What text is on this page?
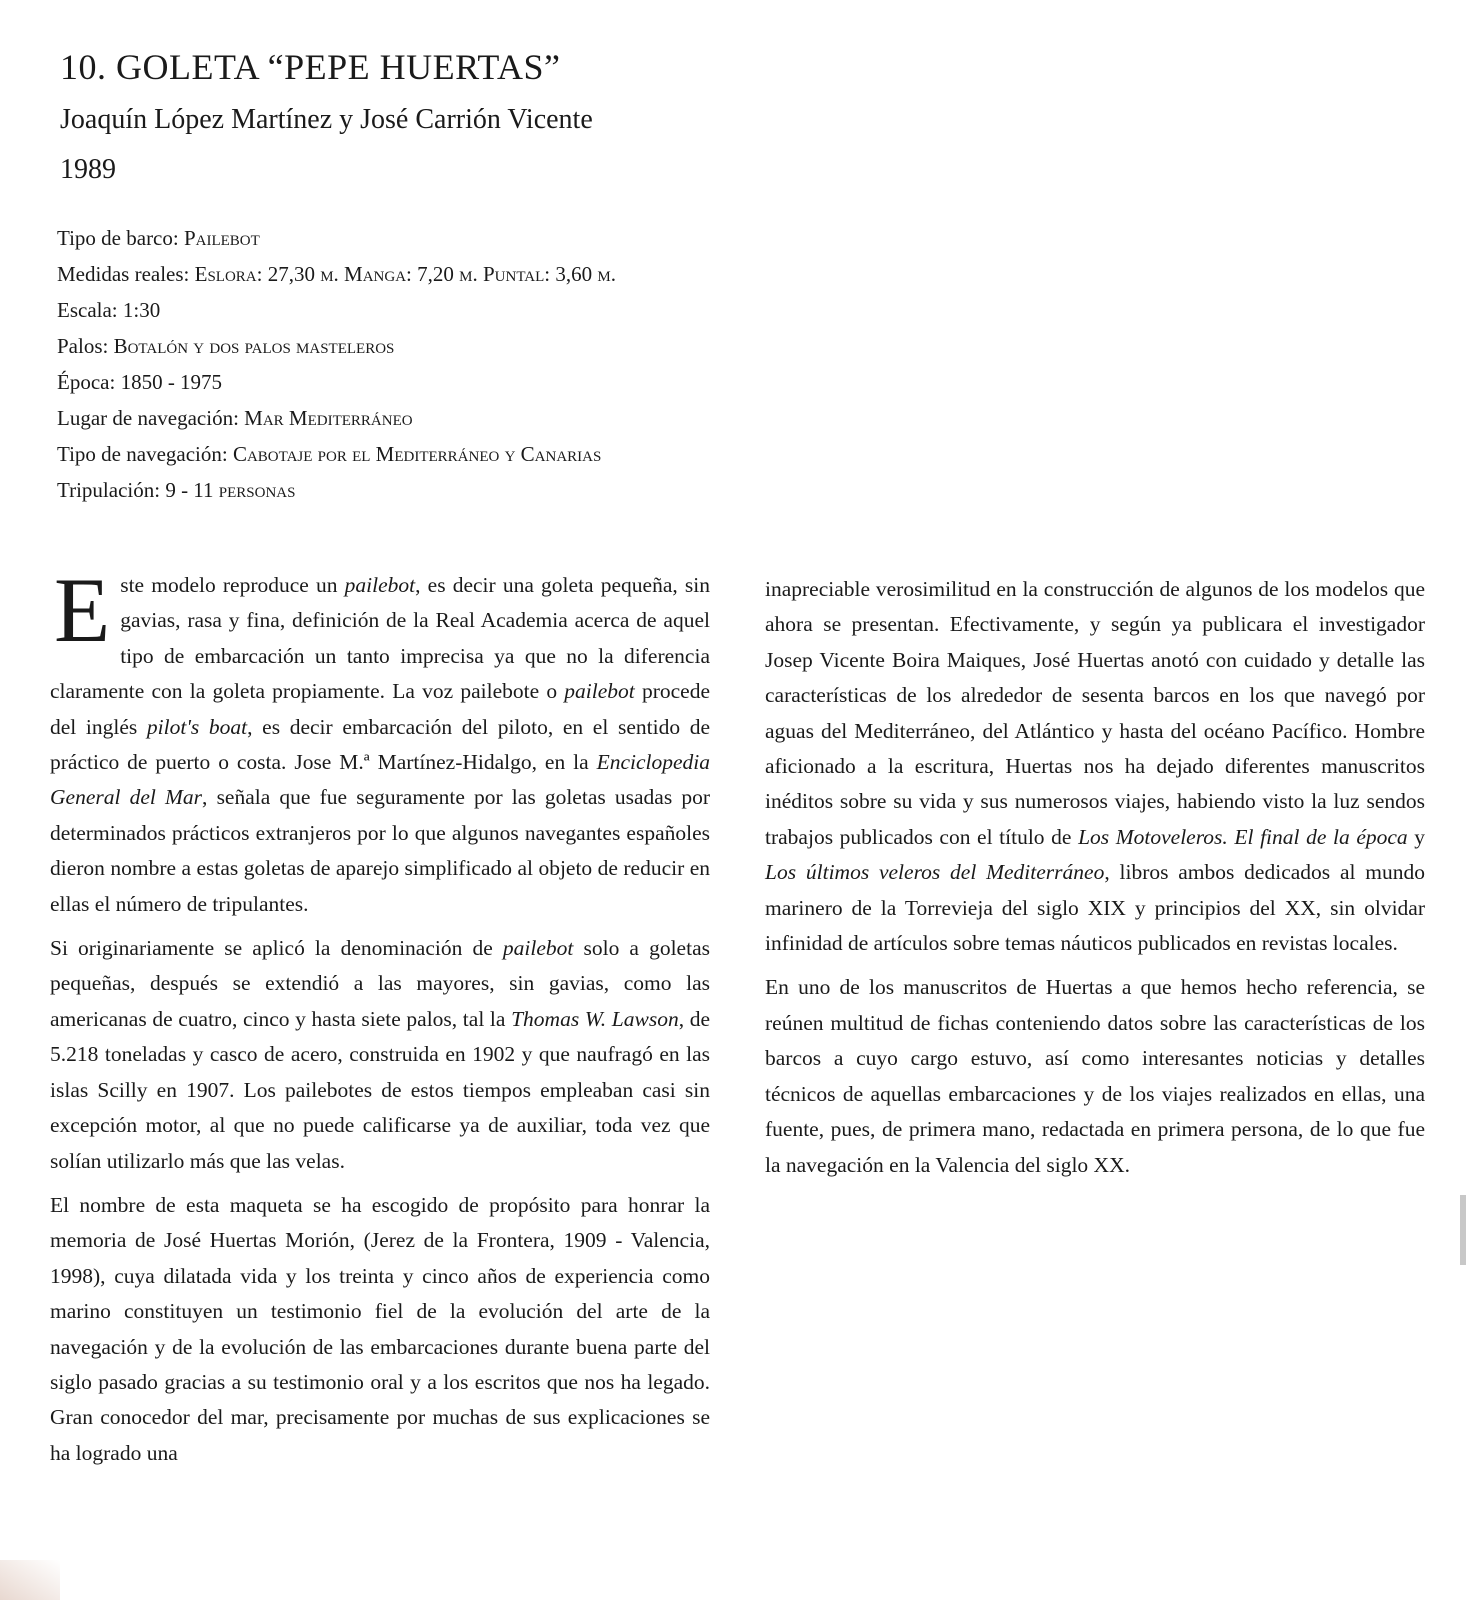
10. GOLETA “PEPE HUERTAS”
Joaquín López Martínez y José Carrión Vicente
1989
Tipo de barco: Pailebot
Medidas reales: Eslora: 27,30 m. Manga: 7,20 m. Puntal: 3,60 m.
Escala: 1:30
Palos: Botalón y dos palos masteleros
Época: 1850 - 1975
Lugar de navegación: Mar Mediterráneo
Tipo de navegación: Cabotaje por el Mediterráneo y Canarias
Tripulación: 9 - 11 personas

Este modelo reproduce un pailebot, es decir una goleta pequeña, sin gavias, rasa y fina, definición de la Real Academia acerca de aquel tipo de embarcación un tanto imprecisa ya que no la diferencia claramente con la goleta propiamente. La voz pailebote o pailebot procede del inglés pilot's boat, es decir embarcación del piloto, en el sentido de práctico de puerto o costa. Jose M.ª Martínez-Hidalgo, en la Enciclopedia General del Mar, señala que fue seguramente por las goletas usadas por determinados prácticos extranjeros por lo que algunos navegantes españoles dieron nombre a estas goletas de aparejo simplificado al objeto de reducir en ellas el número de tripulantes.

Si originariamente se aplicó la denominación de pailebot solo a goletas pequeñas, después se extendió a las mayores, sin gavias, como las americanas de cuatro, cinco y hasta siete palos, tal la Thomas W. Lawson, de 5.218 toneladas y casco de acero, construida en 1902 y que naufragó en las islas Scilly en 1907. Los pailebotes de estos tiempos empleaban casi sin excepción motor, al que no puede calificarse ya de auxiliar, toda vez que solían utilizarlo más que las velas.

El nombre de esta maqueta se ha escogido de propósito para honrar la memoria de José Huertas Morión, (Jerez de la Frontera, 1909 - Valencia, 1998), cuya dilatada vida y los treinta y cinco años de experiencia como marino constituyen un testimonio fiel de la evolución del arte de la navegación y de la evolución de las embarcaciones durante buena parte del siglo pasado gracias a su testimonio oral y a los escritos que nos ha legado. Gran conocedor del mar, precisamente por muchas de sus explicaciones se ha logrado una

inapreciable verosimilitud en la construcción de algunos de los modelos que ahora se presentan. Efectivamente, y según ya publicara el investigador Josep Vicente Boira Maiques, José Huertas anotó con cuidado y detalle las características de los alrededor de sesenta barcos en los que navegó por aguas del Mediterráneo, del Atlántico y hasta del océano Pacífico. Hombre aficionado a la escritura, Huertas nos ha dejado diferentes manuscritos inéditos sobre su vida y sus numerosos viajes, habiendo visto la luz sendos trabajos publicados con el título de Los Motoveleros. El final de la época y Los últimos veleros del Mediterráneo, libros ambos dedicados al mundo marinero de la Torrevieja del siglo XIX y principios del XX, sin olvidar infinidad de artículos sobre temas náuticos publicados en revistas locales.

En uno de los manuscritos de Huertas a que hemos hecho referencia, se reúnen multitud de fichas conteniendo datos sobre las características de los barcos a cuyo cargo estuvo, así como interesantes noticias y detalles técnicos de aquellas embarcaciones y de los viajes realizados en ellas, una fuente, pues, de primera mano, redactada en primera persona, de lo que fue la navegación en la Valencia del siglo XX.
